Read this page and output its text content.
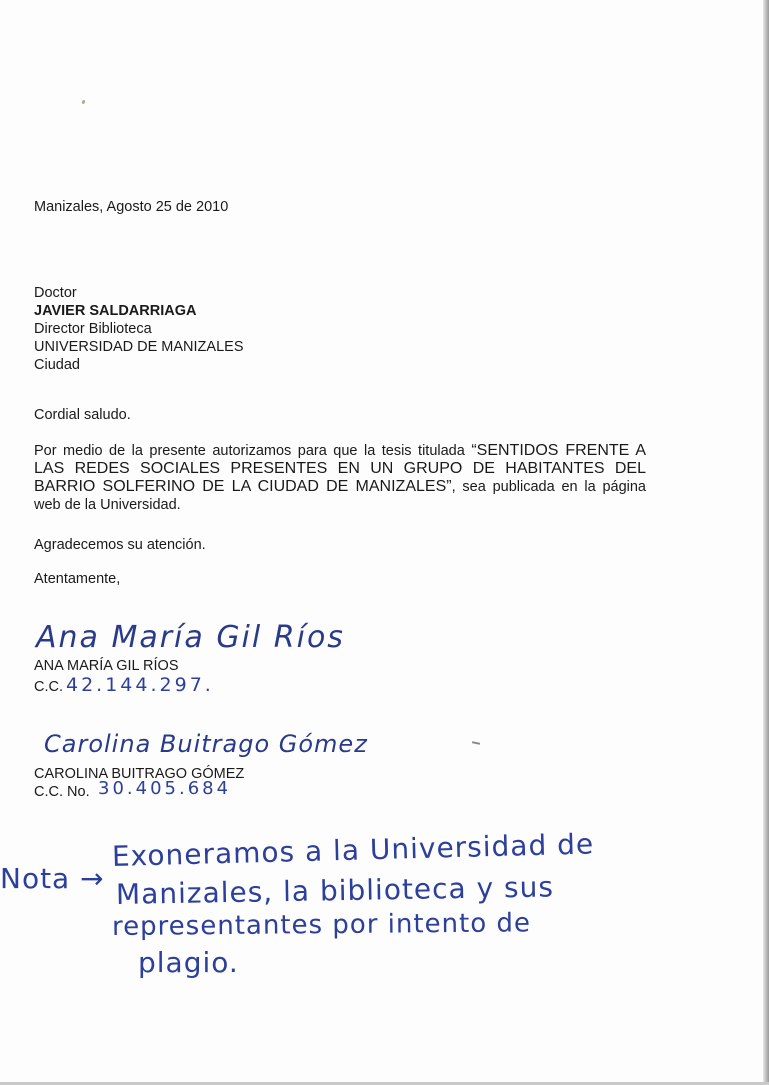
Manizales, Agosto 25 de 2010
Doctor
JAVIER SALDARRIAGA
Director Biblioteca
UNIVERSIDAD DE MANIZALES
Ciudad
Cordial saludo.
Por medio de la presente autorizamos para que la tesis titulada “SENTIDOS FRENTE A LAS REDES SOCIALES PRESENTES EN UN GRUPO DE HABITANTES DEL BARRIO SOLFERINO DE LA CIUDAD DE MANIZALES”, sea publicada en la página web de la Universidad.
Agradecemos su atención.
Atentamente,
Ana María Gil Ríos
ANA MARÍA GIL RÍOS
C.C. 42.144.297.
Carolina Buitrago Gómez
CAROLINA BUITRAGO GÓMEZ
C.C. No. 30.405.684
Nota →
Exoneramos a la Universidad de
Manizales, la biblioteca y sus
representantes por intento de
plagio.
